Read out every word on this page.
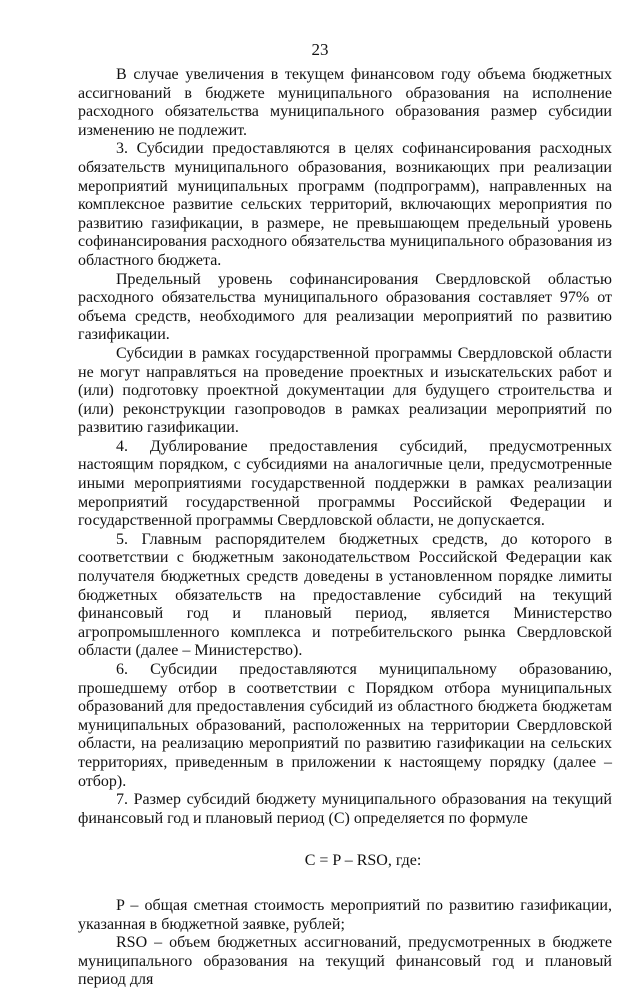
23

В случае увеличения в текущем финансовом году объема бюджетных ассигнований в бюджете муниципального образования на исполнение расходного обязательства муниципального образования размер субсидии изменению не подлежит.

3. Субсидии предоставляются в целях софинансирования расходных обязательств муниципального образования, возникающих при реализации мероприятий муниципальных программ (подпрограмм), направленных на комплексное развитие сельских территорий, включающих мероприятия по развитию газификации, в размере, не превышающем предельный уровень софинансирования расходного обязательства муниципального образования из областного бюджета.

Предельный уровень софинансирования Свердловской областью расходного обязательства муниципального образования составляет 97% от объема средств, необходимого для реализации мероприятий по развитию газификации.

Субсидии в рамках государственной программы Свердловской области не могут направляться на проведение проектных и изыскательских работ и (или) подготовку проектной документации для будущего строительства и (или) реконструкции газопроводов в рамках реализации мероприятий по развитию газификации.

4. Дублирование предоставления субсидий, предусмотренных настоящим порядком, с субсидиями на аналогичные цели, предусмотренные иными мероприятиями государственной поддержки в рамках реализации мероприятий государственной программы Российской Федерации и государственной программы Свердловской области, не допускается.

5. Главным распорядителем бюджетных средств, до которого в соответствии с бюджетным законодательством Российской Федерации как получателя бюджетных средств доведены в установленном порядке лимиты бюджетных обязательств на предоставление субсидий на текущий финансовый год и плановый период, является Министерство агропромышленного комплекса и потребительского рынка Свердловской области (далее – Министерство).

6. Субсидии предоставляются муниципальному образованию, прошедшему отбор в соответствии с Порядком отбора муниципальных образований для предоставления субсидий из областного бюджета бюджетам муниципальных образований, расположенных на территории Свердловской области, на реализацию мероприятий по развитию газификации на сельских территориях, приведенным в приложении к настоящему порядку (далее – отбор).

7. Размер субсидий бюджету муниципального образования на текущий финансовый год и плановый период (С) определяется по формуле

C = P – RSO, где:

P – общая сметная стоимость мероприятий по развитию газификации, указанная в бюджетной заявке, рублей;

RSO – объем бюджетных ассигнований, предусмотренных в бюджете муниципального образования на текущий финансовый год и плановый период для
